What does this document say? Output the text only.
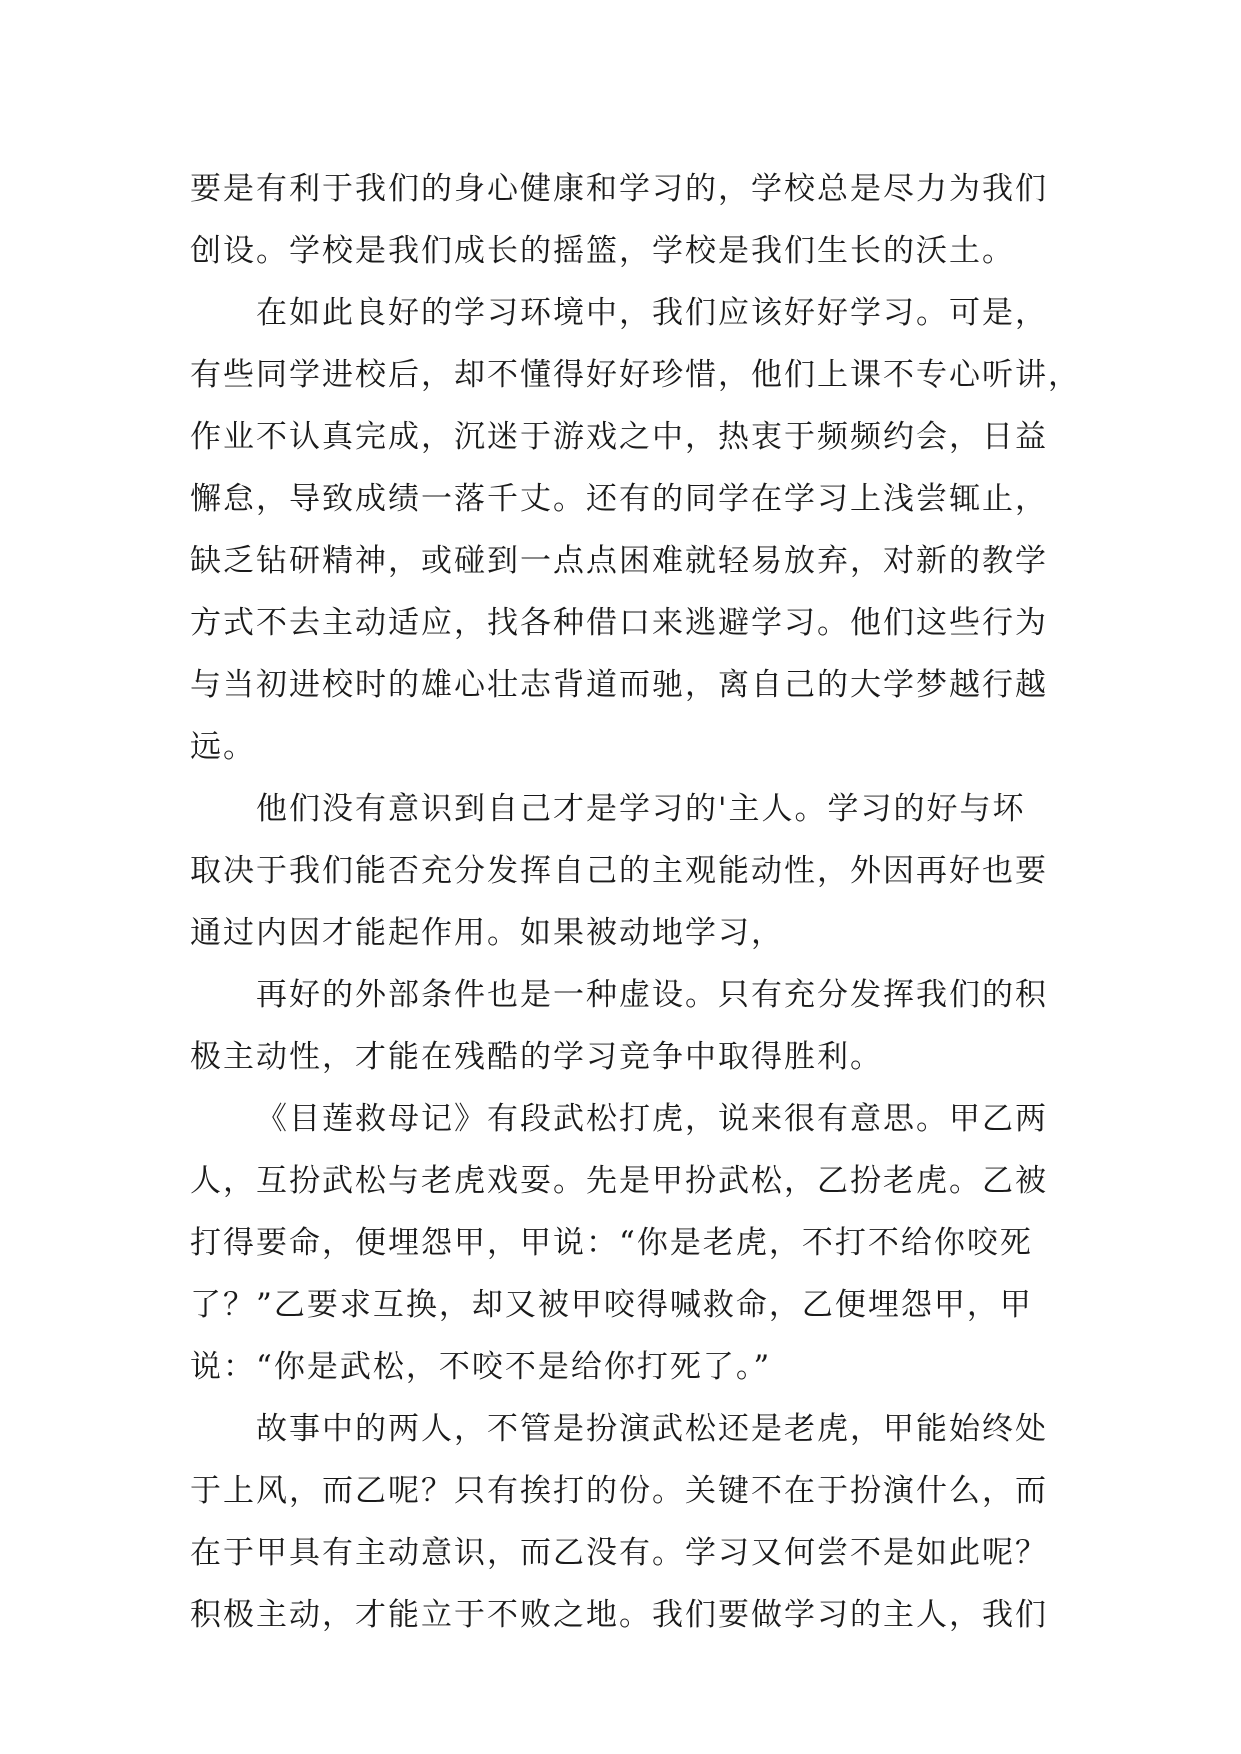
要是有利于我们的身心健康和学习的，学校总是尽力为我们
创设。学校是我们成长的摇篮，学校是我们生长的沃土。
在如此良好的学习环境中，我们应该好好学习。可是，
有些同学进校后，却不懂得好好珍惜，他们上课不专心听讲，
作业不认真完成，沉迷于游戏之中，热衷于频频约会，日益
懈怠，导致成绩一落千丈。还有的同学在学习上浅尝辄止，
缺乏钻研精神，或碰到一点点困难就轻易放弃，对新的教学
方式不去主动适应，找各种借口来逃避学习。他们这些行为
与当初进校时的雄心壮志背道而驰，离自己的大学梦越行越
远。
他们没有意识到自己才是学习的'主人。学习的好与坏
取决于我们能否充分发挥自己的主观能动性，外因再好也要
通过内因才能起作用。如果被动地学习，
再好的外部条件也是一种虚设。只有充分发挥我们的积
极主动性，才能在残酷的学习竞争中取得胜利。
《目莲救母记》有段武松打虎，说来很有意思。甲乙两
人，互扮武松与老虎戏耍。先是甲扮武松，乙扮老虎。乙被
打得要命，便埋怨甲，甲说：“你是老虎，不打不给你咬死
了？”乙要求互换，却又被甲咬得喊救命，乙便埋怨甲，甲
说：“你是武松，不咬不是给你打死了。”
故事中的两人，不管是扮演武松还是老虎，甲能始终处
于上风，而乙呢？只有挨打的份。关键不在于扮演什么，而
在于甲具有主动意识，而乙没有。学习又何尝不是如此呢？
积极主动，才能立于不败之地。我们要做学习的主人，我们
